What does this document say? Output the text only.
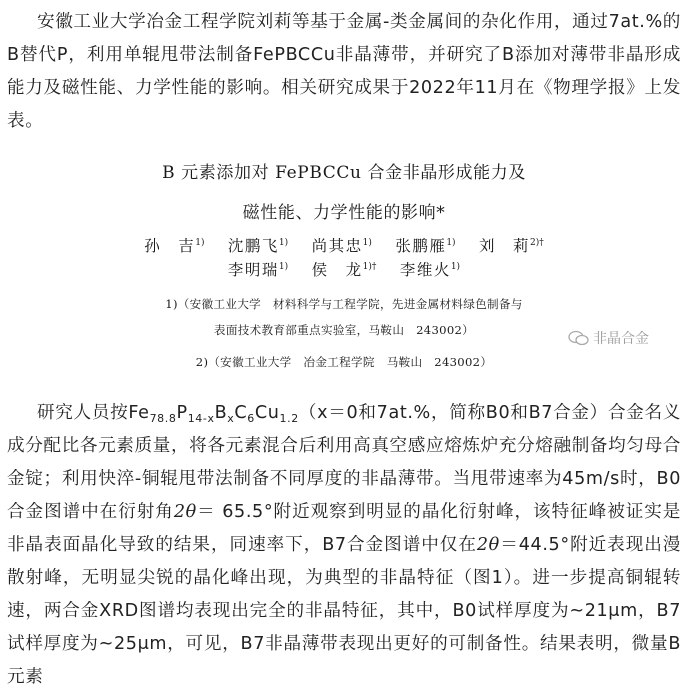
安徽工业大学冶金工程学院刘莉等基于金属-类金属间的杂化作用，通过7at.%的B替代P，利用单辊甩带法制备FePBCCu非晶薄带，并研究了B添加对薄带非晶形成能力及磁性能、力学性能的影响。相关研究成果于2022年11月在《物理学报》上发表。

B 元素添加对 FePBCCu 合金非晶形成能力及
磁性能、力学性能的影响*
孙　吉$^{1)}$　 沈鹏飞$^{1)}$　 尚其忠$^{1)}$　 张鹏雁$^{1)}$　 刘　莉$^{2)\dagger}$
李明瑞$^{1)}$　 侯　龙$^{1)\dagger}$　 李维火$^{1)}$
1)（安徽工业大学　材料科学与工程学院，先进金属材料绿色制备与
表面技术教育部重点实验室，马鞍山　243002）
2)（安徽工业大学　冶金工程学院　马鞍山　243002）
非晶合金

研究人员按$Fe_{78.8}P_{14-x}B_xC_6Cu_{1.2}(x=0$和7at.%，简称B0和B7合金）合金名义成分配比各元素质量，将各元素混合后利用高真空感应熔炼炉充分熔融制备均匀母合金锭；利用快淬-铜辊甩带法制备不同厚度的非晶薄带。当甩带速率为45m/s时，B0合金图谱中在衍射角2θ＝ 65.5°附近观察到明显的晶化衍射峰，该特征峰被证实是非晶表面晶化导致的结果，同速率下，B7合金图谱中仅在2θ＝44.5°附近表现出漫散射峰，无明显尖锐的晶化峰出现，为典型的非晶特征（图1）。进一步提高铜辊转速，两合金XRD图谱均表现出完全的非晶特征，其中，B0试样厚度为~21μm，B7试样厚度为~25μm，可见，B7非晶薄带表现出更好的可制备性。结果表明，微量B元素
